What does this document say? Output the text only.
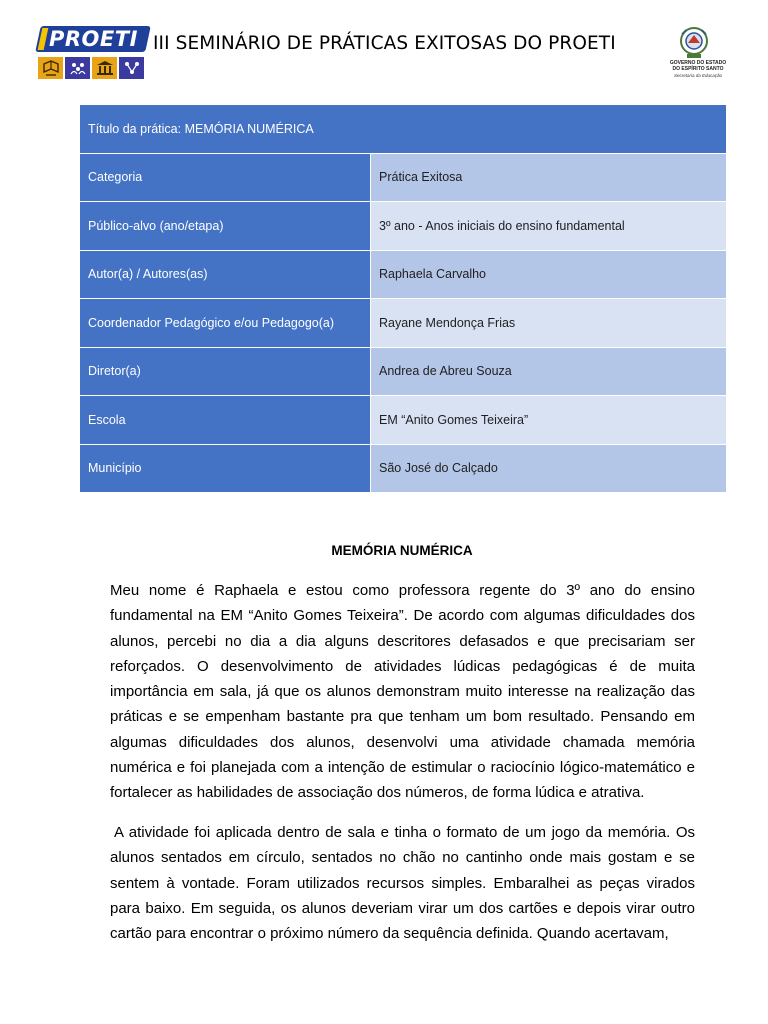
PROETI III SEMINÁRIO DE PRÁTICAS EXITOSAS DO PROETI
GOVERNO DO ESTADO
DO ESPÍRITO SANTO
Secretaria da Educação
Título da prática: MEMÓRIA NUMÉRICA	
Categoria	Prática Exitosa
Público-alvo (ano/etapa)	3º ano - Anos iniciais do ensino fundamental
Autor(a) / Autores(as)	Raphaela Carvalho
Coordenador Pedagógico e/ou Pedagogo(a)	Rayane Mendonça Frias
Diretor(a)	Andrea de Abreu Souza
Escola	EM “Anito Gomes Teixeira”
Município	São José do Calçado
MEMÓRIA NUMÉRICA

Meu nome é Raphaela e estou como professora regente do 3º ano do ensino fundamental na EM “Anito Gomes Teixeira”. De acordo com algumas dificuldades dos alunos, percebi no dia a dia alguns descritores defasados e que precisariam ser reforçados. O desenvolvimento de atividades lúdicas pedagógicas é de muita importância em sala, já que os alunos demonstram muito interesse na realização das práticas e se empenham bastante pra que tenham um bom resultado. Pensando em algumas dificuldades dos alunos, desenvolvi uma atividade chamada memória numérica e foi planejada com a intenção de estimular o raciocínio lógico-matemático e fortalecer as habilidades de associação dos números, de forma lúdica e atrativa.

A atividade foi aplicada dentro de sala e tinha o formato de um jogo da memória. Os alunos sentados em círculo, sentados no chão no cantinho onde mais gostam e se sentem à vontade. Foram utilizados recursos simples. Embaralhei as peças virados para baixo. Em seguida, os alunos deveriam virar um dos cartões e depois virar outro cartão para encontrar o próximo número da sequência definida. Quando acertavam,
